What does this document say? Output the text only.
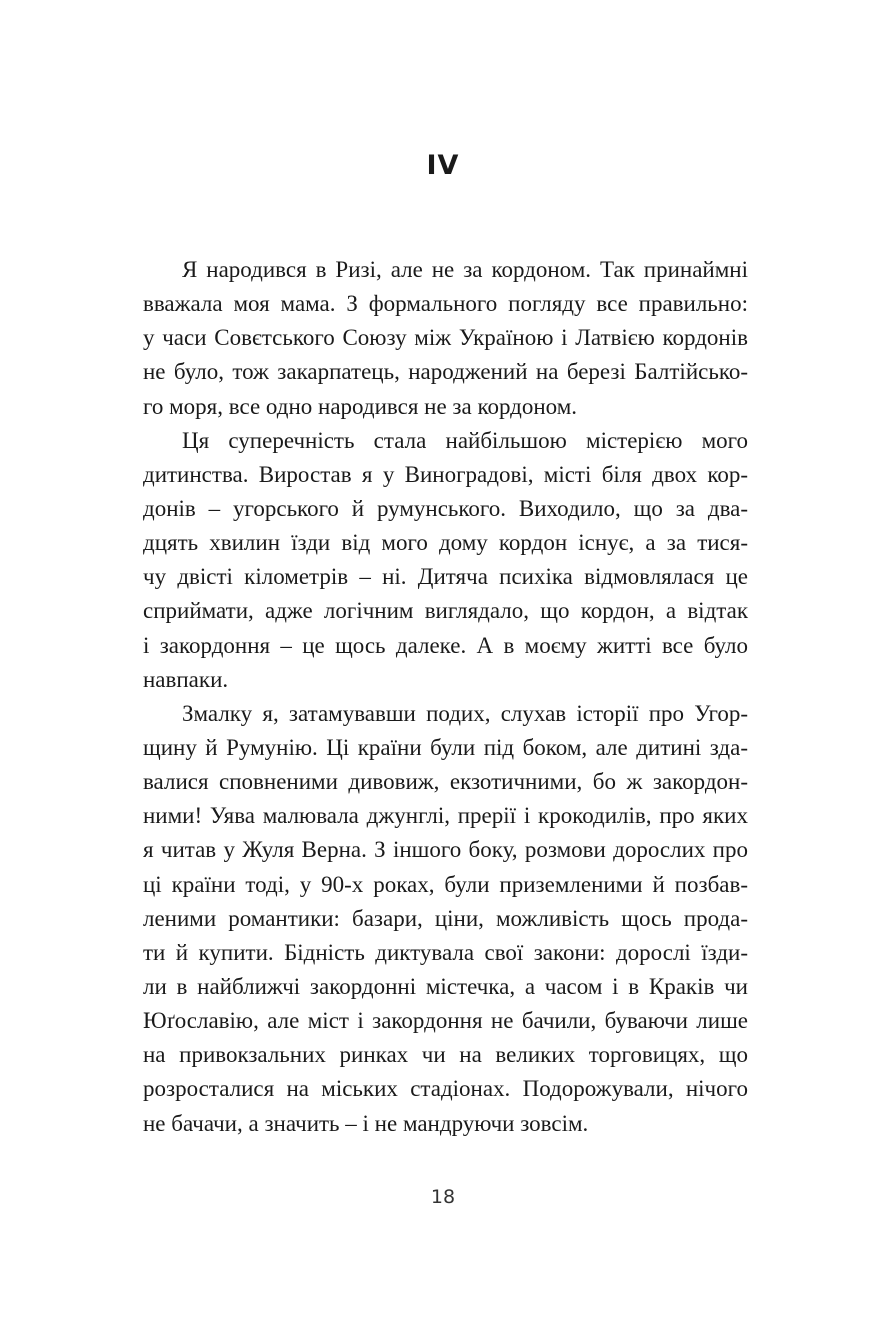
IV
Я народився в Ризі, але не за кордоном. Так принаймні
вважала моя мама. З формального погляду все правильно:
у часи Совєтського Союзу між Україною і Латвією кордонів
не було, тож закарпатець, народжений на березі Балтійсько-
го моря, все одно народився не за кордоном.
Ця суперечність стала найбільшою містерією мого
дитинства. Виростав я у Виноградові, місті біля двох кор-
донів – угорського й румунського. Виходило, що за два-
дцять хвилин їзди від мого дому кордон існує, а за тися-
чу двісті кілометрів – ні. Дитяча психіка відмовлялася це
сприймати, адже логічним виглядало, що кордон, а відтак
і закордоння – це щось далеке. А в моєму житті все було
навпаки.
Змалку я, затамувавши подих, слухав історії про Угор-
щину й Румунію. Ці країни були під боком, але дитині зда-
валися сповненими дивовиж, екзотичними, бо ж закордон-
ними! Уява малювала джунглі, прерії і крокодилів, про яких
я читав у Жуля Верна. З іншого боку, розмови дорослих про
ці країни тоді, у 90-х роках, були приземленими й позбав-
леними романтики: базари, ціни, можливість щось прода-
ти й купити. Бідність диктувала свої закони: дорослі їзди-
ли в найближчі закордонні містечка, а часом і в Краків чи
Юґославію, але міст і закордоння не бачили, буваючи лише
на привокзальних ринках чи на великих торговицях, що
розросталися на міських стадіонах. Подорожували, нічого
не бачачи, а значить – і не мандруючи зовсім.
18
